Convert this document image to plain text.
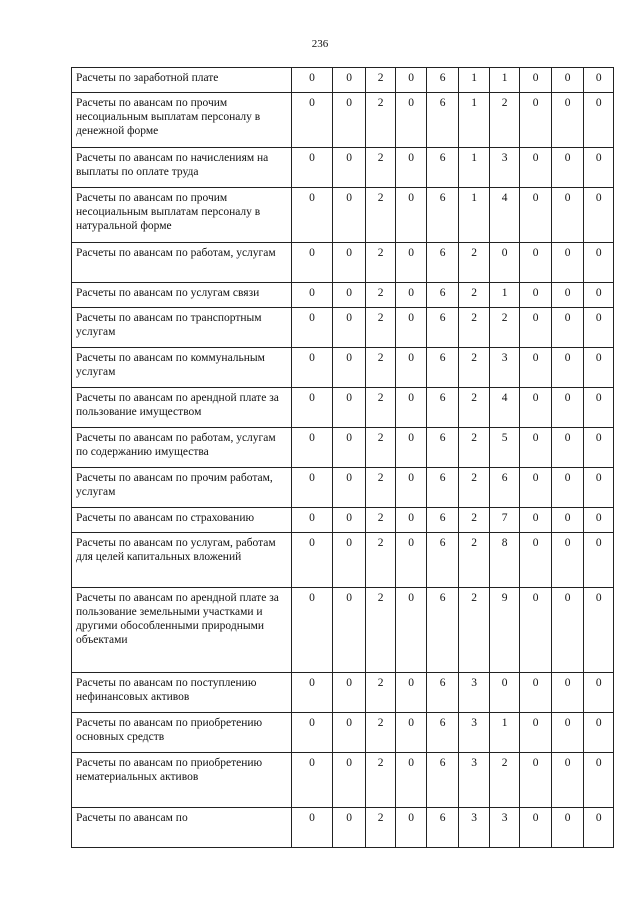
236
Расчеты по заработной плате	0	0	2	0	6	1	1	0	0	0
Расчеты по авансам по прочим несоциальным выплатам персоналу в денежной форме	0	0	2	0	6	1	2	0	0	0
Расчеты по авансам по начислениям на выплаты по оплате труда	0	0	2	0	6	1	3	0	0	0
Расчеты по авансам по прочим несоциальным выплатам персоналу в натуральной форме	0	0	2	0	6	1	4	0	0	0
Расчеты по авансам по работам, услугам	0	0	2	0	6	2	0	0	0	0
Расчеты по авансам по услугам связи	0	0	2	0	6	2	1	0	0	0
Расчеты по авансам по транспортным услугам	0	0	2	0	6	2	2	0	0	0
Расчеты по авансам по коммунальным услугам	0	0	2	0	6	2	3	0	0	0
Расчеты по авансам по арендной плате за пользование имуществом	0	0	2	0	6	2	4	0	0	0
Расчеты по авансам по работам, услугам по содержанию имущества	0	0	2	0	6	2	5	0	0	0
Расчеты по авансам по прочим работам, услугам	0	0	2	0	6	2	6	0	0	0
Расчеты по авансам по страхованию	0	0	2	0	6	2	7	0	0	0
Расчеты по авансам по услугам, работам для целей капитальных вложений	0	0	2	0	6	2	8	0	0	0
Расчеты по авансам по арендной плате за пользование земельными участками и другими обособленными природными объектами	0	0	2	0	6	2	9	0	0	0
Расчеты по авансам по поступлению нефинансовых активов	0	0	2	0	6	3	0	0	0	0
Расчеты по авансам по приобретению основных средств	0	0	2	0	6	3	1	0	0	0
Расчеты по авансам по приобретению нематериальных активов	0	0	2	0	6	3	2	0	0	0
Расчеты по авансам по	0	0	2	0	6	3	3	0	0	0
